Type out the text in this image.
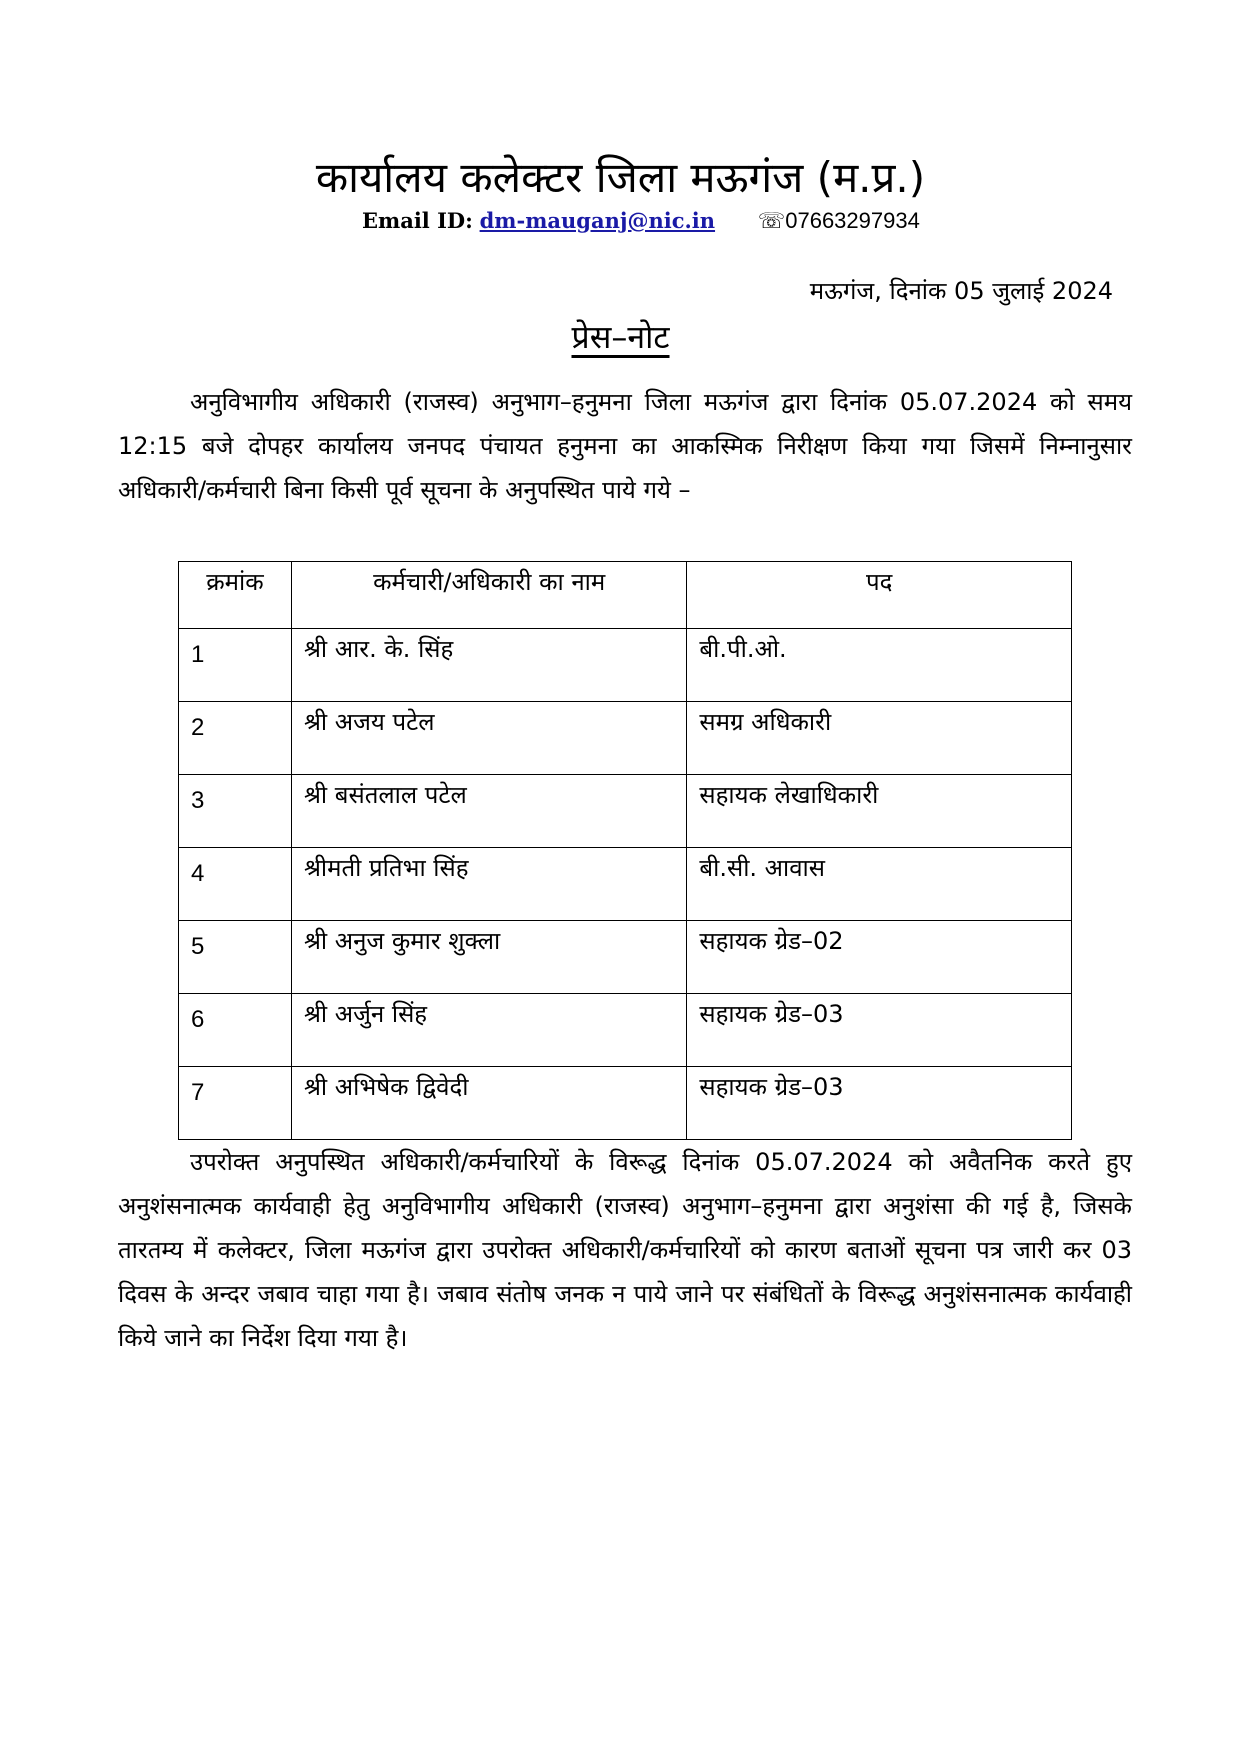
कार्यालय कलेक्टर जिला मऊगंज (म.प्र.)
Email ID: dm-mauganj@nic.in ☏07663297934
मऊगंज, दिनांक 05 जुलाई 2024
प्रेस–नोट
अनुविभागीय अधिकारी (राजस्व) अनुभाग–हनुमना जिला मऊगंज द्वारा दिनांक 05.07.2024 को समय 12:15 बजे दोपहर कार्यालय जनपद पंचायत हनुमना का आकस्मिक निरीक्षण किया गया जिसमें निम्नानुसार अधिकारी/कर्मचारी बिना किसी पूर्व सूचना के अनुपस्थित पाये गये –
क्रमांक	कर्मचारी/अधिकारी का नाम	पद
1	श्री आर. के. सिंह	बी.पी.ओ.
2	श्री अजय पटेल	समग्र अधिकारी
3	श्री बसंतलाल पटेल	सहायक लेखाधिकारी
4	श्रीमती प्रतिभा सिंह	बी.सी. आवास
5	श्री अनुज कुमार शुक्ला	सहायक ग्रेड–02
6	श्री अर्जुन सिंह	सहायक ग्रेड–03
7	श्री अभिषेक द्विवेदी	सहायक ग्रेड–03
उपरोक्त अनुपस्थित अधिकारी/कर्मचारियों के विरूद्ध दिनांक 05.07.2024 को अवैतनिक करते हुए अनुशंसनात्मक कार्यवाही हेतु अनुविभागीय अधिकारी (राजस्व) अनुभाग–हनुमना द्वारा अनुशंसा की गई है, जिसके तारतम्य में कलेक्टर, जिला मऊगंज द्वारा उपरोक्त अधिकारी/कर्मचारियों को कारण बताओं सूचना पत्र जारी कर 03 दिवस के अन्दर जबाव चाहा गया है। जबाव संतोष जनक न पाये जाने पर संबंधितों के विरूद्ध अनुशंसनात्मक कार्यवाही किये जाने का निर्देश दिया गया है।
